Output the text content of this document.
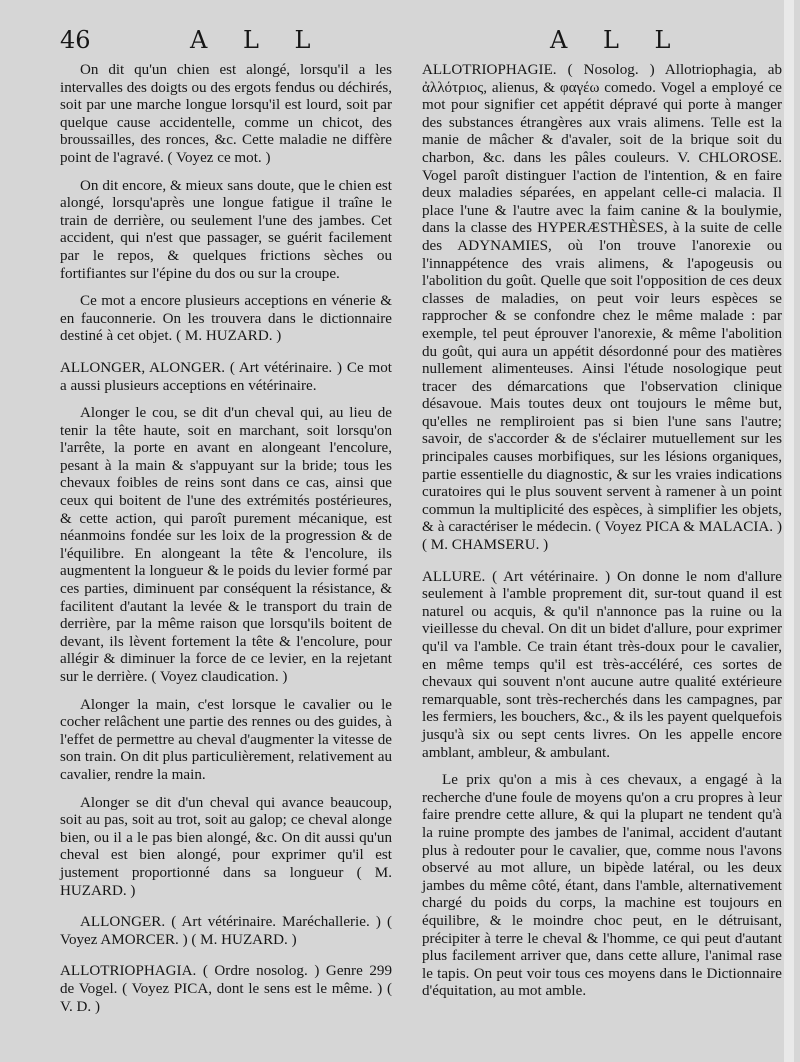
46	A L L	A L L

On dit qu'un chien est alongé, lorsqu'il a les intervalles des doigts ou des ergots fendus ou déchirés, soit par une marche longue lorsqu'il est lourd, soit par quelque cause accidentelle, comme un chicot, des broussailles, des ronces, &c. Cette maladie ne diffère point de l'agravé. ( Voyez ce mot. )

On dit encore, & mieux sans doute, que le chien est alongé, lorsqu'après une longue fatigue il traîne le train de derrière, ou seulement l'une des jambes. Cet accident, qui n'est que passager, se guérit facilement par le repos, & quelques frictions sèches ou fortifiantes sur l'épine du dos ou sur la croupe.

Ce mot a encore plusieurs acceptions en vénerie & en fauconnerie. On les trouvera dans le dictionnaire destiné à cet objet. ( M. HUZARD. )

ALLONGER, ALONGER. ( Art vétérinaire. ) Ce mot a aussi plusieurs acceptions en vétérinaire.

Alonger le cou, se dit d'un cheval qui, au lieu de tenir la tête haute, soit en marchant, soit lorsqu'on l'arrête, la porte en avant en alongeant l'encolure, pesant à la main & s'appuyant sur la bride; tous les chevaux foibles de reins sont dans ce cas, ainsi que ceux qui boitent de l'une des extrémités postérieures, & cette action, qui paroît purement mécanique, est néanmoins fondée sur les loix de la progression & de l'équilibre. En alongeant la tête & l'encolure, ils augmentent la longueur & le poids du levier formé par ces parties, diminuent par conséquent la résistance, & facilitent d'autant la levée & le transport du train de derrière, par la même raison que lorsqu'ils boitent de devant, ils lèvent fortement la tête & l'encolure, pour allégir & diminuer la force de ce levier, en la rejetant sur le derrière. ( Voyez claudication. )

Alonger la main, c'est lorsque le cavalier ou le cocher relâchent une partie des rennes ou des guides, à l'effet de permettre au cheval d'augmenter la vitesse de son train. On dit plus particulièrement, relativement au cavalier, rendre la main.

Alonger se dit d'un cheval qui avance beaucoup, soit au pas, soit au trot, soit au galop; ce cheval alonge bien, ou il a le pas bien alongé, &c. On dit aussi qu'un cheval est bien alongé, pour exprimer qu'il est justement proportionné dans sa longueur ( M. HUZARD. )

ALLONGER. ( Art vétérinaire. Maréchallerie. ) ( Voyez AMORCER. ) ( M. HUZARD. )

ALLOTRIOPHAGIA. ( Ordre nosolog. ) Genre 299 de Vogel. ( Voyez PICA, dont le sens est le même. ) ( V. D. )

ALLOTRIOPHAGIE. ( Nosolog. ) Allotriophagia, ab ἀλλότριος, alienus, & φαγέω comedo. Vogel a employé ce mot pour signifier cet appétit dépravé qui porte à manger des substances étrangères aux vrais alimens. Telle est la manie de mâcher & d'avaler, soit de la brique soit du charbon, &c. dans les pâles couleurs. V. CHLOROSE. Vogel paroît distinguer l'action de l'intention, & en faire deux maladies séparées, en appelant celle-ci malacia. Il place l'une & l'autre avec la faim canine & la boulymie, dans la classe des HYPERÆSTHÈSES, à la suite de celle des ADYNAMIES, où l'on trouve l'anorexie ou l'innappétence des vrais alimens, & l'apogeusis ou l'abolition du goût. Quelle que soit l'opposition de ces deux classes de maladies, on peut voir leurs espèces se rapprocher & se confondre chez le même malade : par exemple, tel peut éprouver l'anorexie, & même l'abolition du goût, qui aura un appétit désordonné pour des matières nullement alimenteuses. Ainsi l'étude nosologique peut tracer des démarcations que l'observation clinique désavoue. Mais toutes deux ont toujours le même but, qu'elles ne rempliroient pas si bien l'une sans l'autre; savoir, de s'accorder & de s'éclairer mutuellement sur les principales causes morbifiques, sur les lésions organiques, partie essentielle du diagnostic, & sur les vraies indications curatoires qui le plus souvent servent à ramener à un point commun la multiplicité des espèces, à simplifier les objets, & à caractériser le médecin. ( Voyez PICA & MALACIA. ) ( M. CHAMSERU. )

ALLURE. ( Art vétérinaire. ) On donne le nom d'allure seulement à l'amble proprement dit, sur-tout quand il est naturel ou acquis, & qu'il n'annonce pas la ruine ou la vieillesse du cheval. On dit un bidet d'allure, pour exprimer qu'il va l'amble. Ce train étant très-doux pour le cavalier, en même temps qu'il est très-accéléré, ces sortes de chevaux qui souvent n'ont aucune autre qualité extérieure remarquable, sont très-recherchés dans les campagnes, par les fermiers, les bouchers, &c., & ils les payent quelquefois jusqu'à six ou sept cents livres. On les appelle encore amblant, ambleur, & ambulant.

Le prix qu'on a mis à ces chevaux, a engagé à la recherche d'une foule de moyens qu'on a cru propres à leur faire prendre cette allure, & qui la plupart ne tendent qu'à la ruine prompte des jambes de l'animal, accident d'autant plus à redouter pour le cavalier, que, comme nous l'avons observé au mot allure, un bipède latéral, ou les deux jambes du même côté, étant, dans l'amble, alternativement chargé du poids du corps, la machine est toujours en équilibre, & le moindre choc peut, en le détruisant, précipiter à terre le cheval & l'homme, ce qui peut d'autant plus facilement arriver que, dans cette allure, l'animal rase le tapis. On peut voir tous ces moyens dans le Dictionnaire d'équitation, au mot amble.
